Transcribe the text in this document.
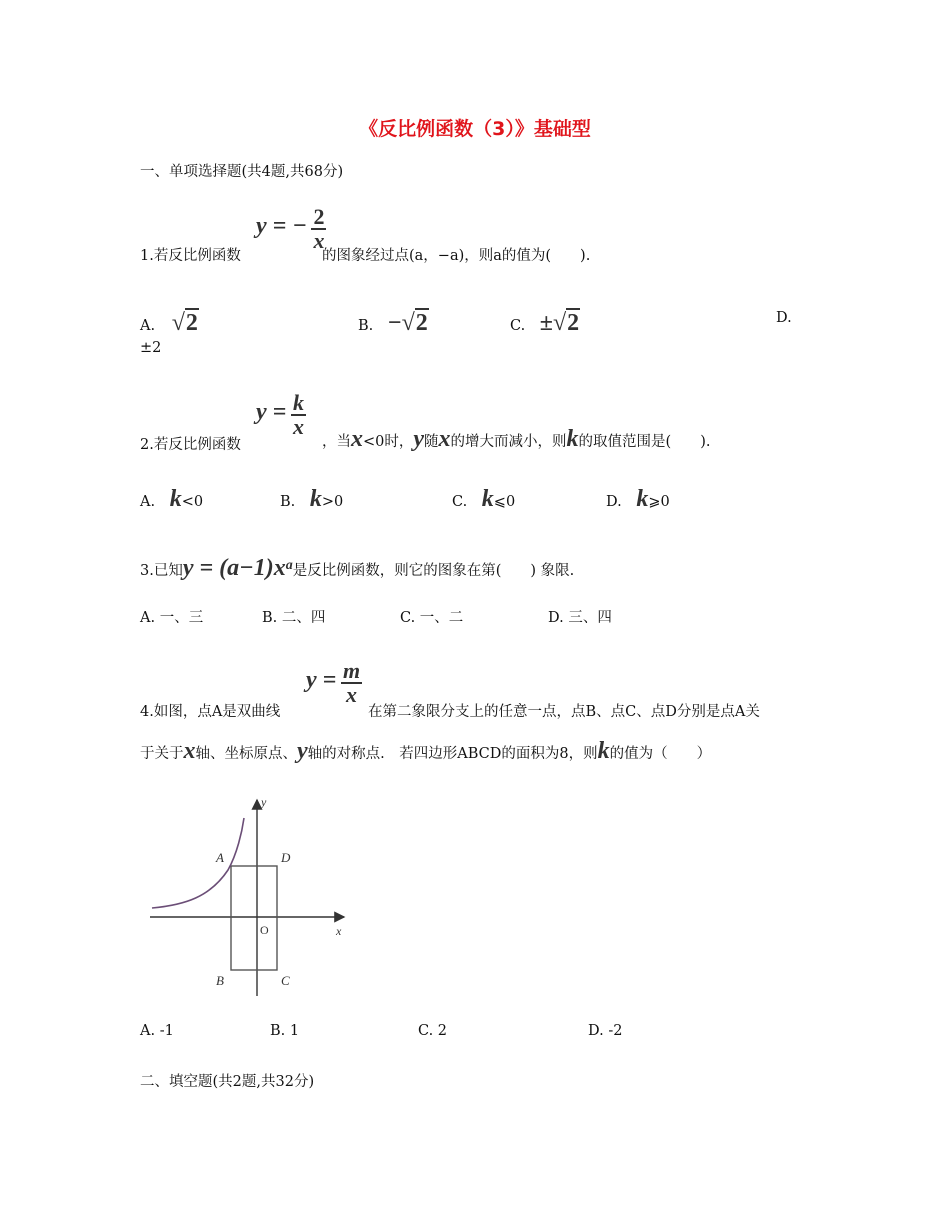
《反比例函数（3）》基础型
一、单项选择题(共4题,共68分)
1.若反比例函数
y = − $\frac{2}{x}$
的图象经过点(a，−a)，则a的值为(　　).
A. √2	B. −√2	C. ±√2	D.
±2
2.若反比例函数
$y = \frac{k}{x}$
，当x<0时，y随x的增大而减小，则k的取值范围是(　　).
A. k<0	B. k>0	C. k⩽0	D. k⩾0
3.已知$y = (a-1)x^a$是反比例函数，则它的图象在第(　　) 象限.
A. 一、三	B. 二、四	C. 一、二	D. 三、四
4.如图，点A是双曲线
$y = \frac{m}{x}$
在第二象限分支上的任意一点，点B、点C、点D分别是点A关
于关于x轴、坐标原点、y轴的对称点.　若四边形ABCD的面积为8，则k的值为（　　）
A	D
B	C
O	x
y
A. -1	B. 1	C. 2	D. -2
二、填空题(共2题,共32分)
